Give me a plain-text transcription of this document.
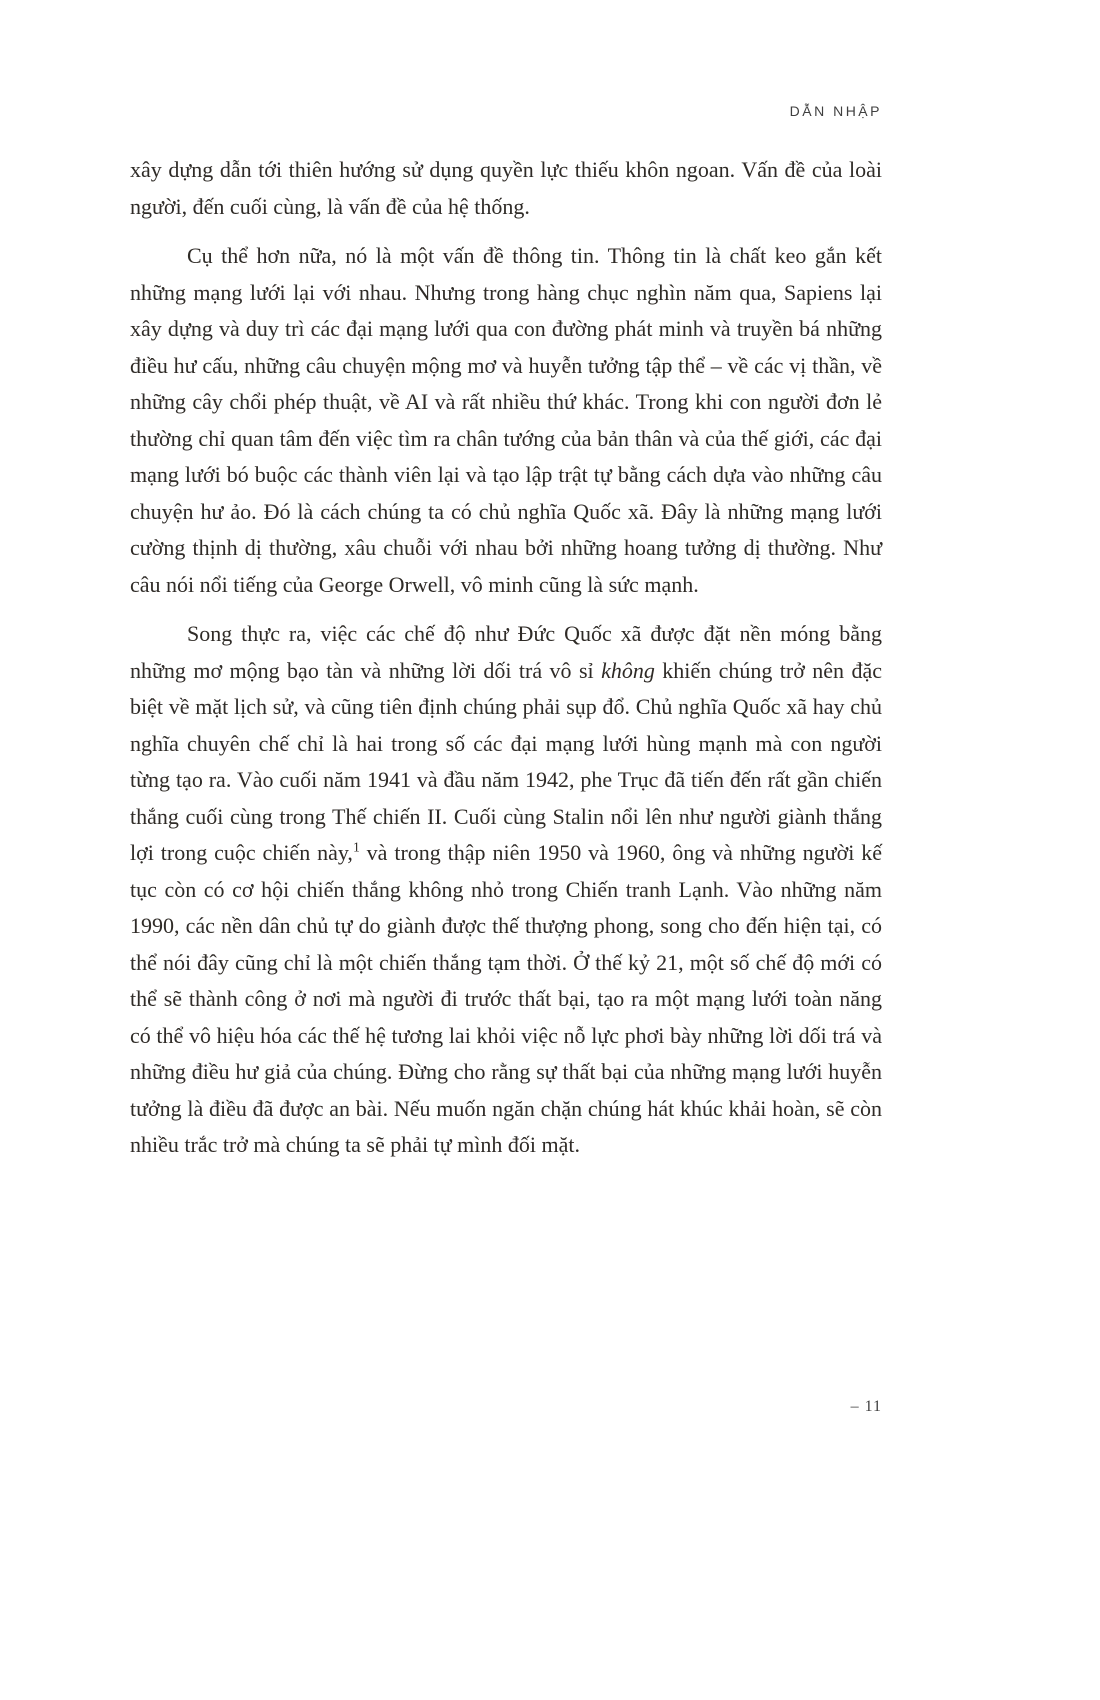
DẪN NHẬP

xây dựng dẫn tới thiên hướng sử dụng quyền lực thiếu khôn ngoan. Vấn đề của loài người, đến cuối cùng, là vấn đề của hệ thống.

Cụ thể hơn nữa, nó là một vấn đề thông tin. Thông tin là chất keo gắn kết những mạng lưới lại với nhau. Nhưng trong hàng chục nghìn năm qua, Sapiens lại xây dựng và duy trì các đại mạng lưới qua con đường phát minh và truyền bá những điều hư cấu, những câu chuyện mộng mơ và huyễn tưởng tập thể – về các vị thần, về những cây chổi phép thuật, về AI và rất nhiều thứ khác. Trong khi con người đơn lẻ thường chỉ quan tâm đến việc tìm ra chân tướng của bản thân và của thế giới, các đại mạng lưới bó buộc các thành viên lại và tạo lập trật tự bằng cách dựa vào những câu chuyện hư ảo. Đó là cách chúng ta có chủ nghĩa Quốc xã. Đây là những mạng lưới cường thịnh dị thường, xâu chuỗi với nhau bởi những hoang tưởng dị thường. Như câu nói nổi tiếng của George Orwell, vô minh cũng là sức mạnh.

Song thực ra, việc các chế độ như Đức Quốc xã được đặt nền móng bằng những mơ mộng bạo tàn và những lời dối trá vô sỉ không khiến chúng trở nên đặc biệt về mặt lịch sử, và cũng tiên định chúng phải sụp đổ. Chủ nghĩa Quốc xã hay chủ nghĩa chuyên chế chỉ là hai trong số các đại mạng lưới hùng mạnh mà con người từng tạo ra. Vào cuối năm 1941 và đầu năm 1942, phe Trục đã tiến đến rất gần chiến thắng cuối cùng trong Thế chiến II. Cuối cùng Stalin nổi lên như người giành thắng lợi trong cuộc chiến này,$^1$ và trong thập niên 1950 và 1960, ông và những người kế tục còn có cơ hội chiến thắng không nhỏ trong Chiến tranh Lạnh. Vào những năm 1990, các nền dân chủ tự do giành được thế thượng phong, song cho đến hiện tại, có thể nói đây cũng chỉ là một chiến thắng tạm thời. Ở thế kỷ 21, một số chế độ mới có thể sẽ thành công ở nơi mà người đi trước thất bại, tạo ra một mạng lưới toàn năng có thể vô hiệu hóa các thế hệ tương lai khỏi việc nỗ lực phơi bày những lời dối trá và những điều hư giả của chúng. Đừng cho rằng sự thất bại của những mạng lưới huyễn tưởng là điều đã được an bài. Nếu muốn ngăn chặn chúng hát khúc khải hoàn, sẽ còn nhiều trắc trở mà chúng ta sẽ phải tự mình đối mặt.

– 11
